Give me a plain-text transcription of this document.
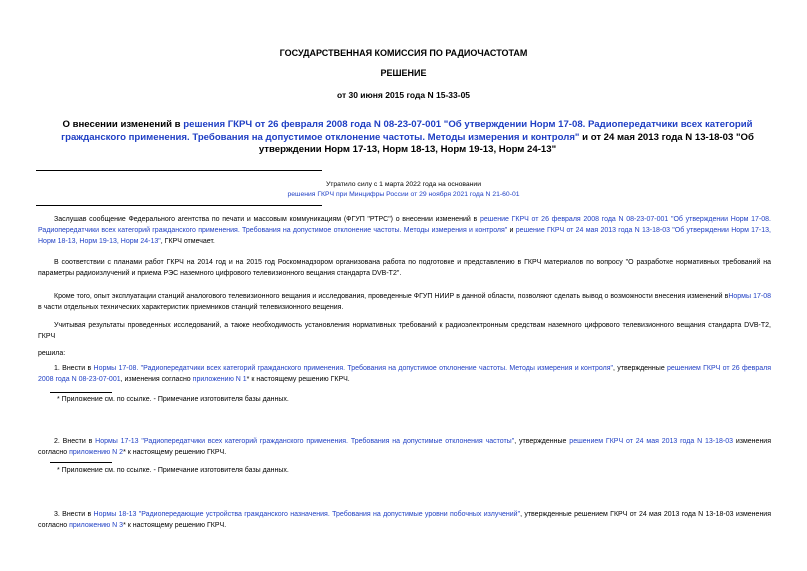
ГОСУДАРСТВЕННАЯ КОМИССИЯ ПО РАДИОЧАСТОТАМ
РЕШЕНИЕ
от 30 июня 2015 года N 15-33-05
О внесении изменений в решения ГКРЧ от 26 февраля 2008 года N 08-23-07-001 "Об утверждении Норм 17-08. Радиопередатчики всех категорий гражданского применения. Требования на допустимое отклонение частоты. Методы измерения и контроля" и от 24 мая 2013 года N 13-18-03 "Об утверждении Норм 17-13, Норм 18-13, Норм 19-13, Норм 24-13"
Утратило силу с 1 марта 2022 года на основании
решения ГКРЧ при Минцифры России от 29 ноября 2021 года N 21-60-01
Заслушав сообщение Федерального агентства по печати и массовым коммуникациям (ФГУП "РТРС") о внесении изменений в решение ГКРЧ от 26 февраля 2008 года N 08-23-07-001 "Об утверждении Норм 17-08. Радиопередатчики всех категорий гражданского применения. Требования на допустимое отклонение частоты. Методы измерения и контроля" и решение ГКРЧ от 24 мая 2013 года N 13-18-03 "Об утверждении Норм 17-13, Норм 18-13, Норм 19-13, Норм 24-13", ГКРЧ отмечает.
В соответствии с планами работ ГКРЧ на 2014 год и на 2015 год Роскомнадзором организована работа по подготовке и представлению в ГКРЧ материалов по вопросу "О разработке нормативных требований на параметры радиоизлучений и приема РЭС наземного цифрового телевизионного вещания стандарта DVB-T2".
Кроме того, опыт эксплуатации станций аналогового телевизионного вещания и исследования, проведенные ФГУП НИИР в данной области, позволяют сделать вывод о возможности внесения изменений вНормы 17-08 в части отдельных технических характеристик приемников станций телевизионного вещения.
Учитывая результаты проведенных исследований, а также необходимость установления нормативных требований к радиоэлектронным средствам наземного цифрового телевизионного вещания стандарта DVB-T2, ГКРЧ
решила:
1. Внести в Нормы 17-08. "Радиопередатчики всех категорий гражданского применения. Требования на допустимое отклонение частоты. Методы измерения и контроля", утвержденные решением ГКРЧ от 26 февраля 2008 года N 08-23-07-001, изменения согласно приложению N 1* к настоящему решению ГКРЧ.
* Приложение см. по ссылке. - Примечание изготовителя базы данных.
2. Внести в Нормы 17-13 "Радиопередатчики всех категорий гражданского применения. Требования на допустимые отклонения частоты", утвержденные решением ГКРЧ от 24 мая 2013 года N 13-18-03 изменения согласно приложению N 2* к настоящему решению ГКРЧ.
* Приложение см. по ссылке. - Примечание изготовителя базы данных.
3. Внести в Нормы 18-13 "Радиопередающие устройства гражданского назначения. Требования на допустимые уровни побочных излучений", утвержденные решением ГКРЧ от 24 мая 2013 года N 13-18-03 изменения согласно приложению N 3* к настоящему решению ГКРЧ.
